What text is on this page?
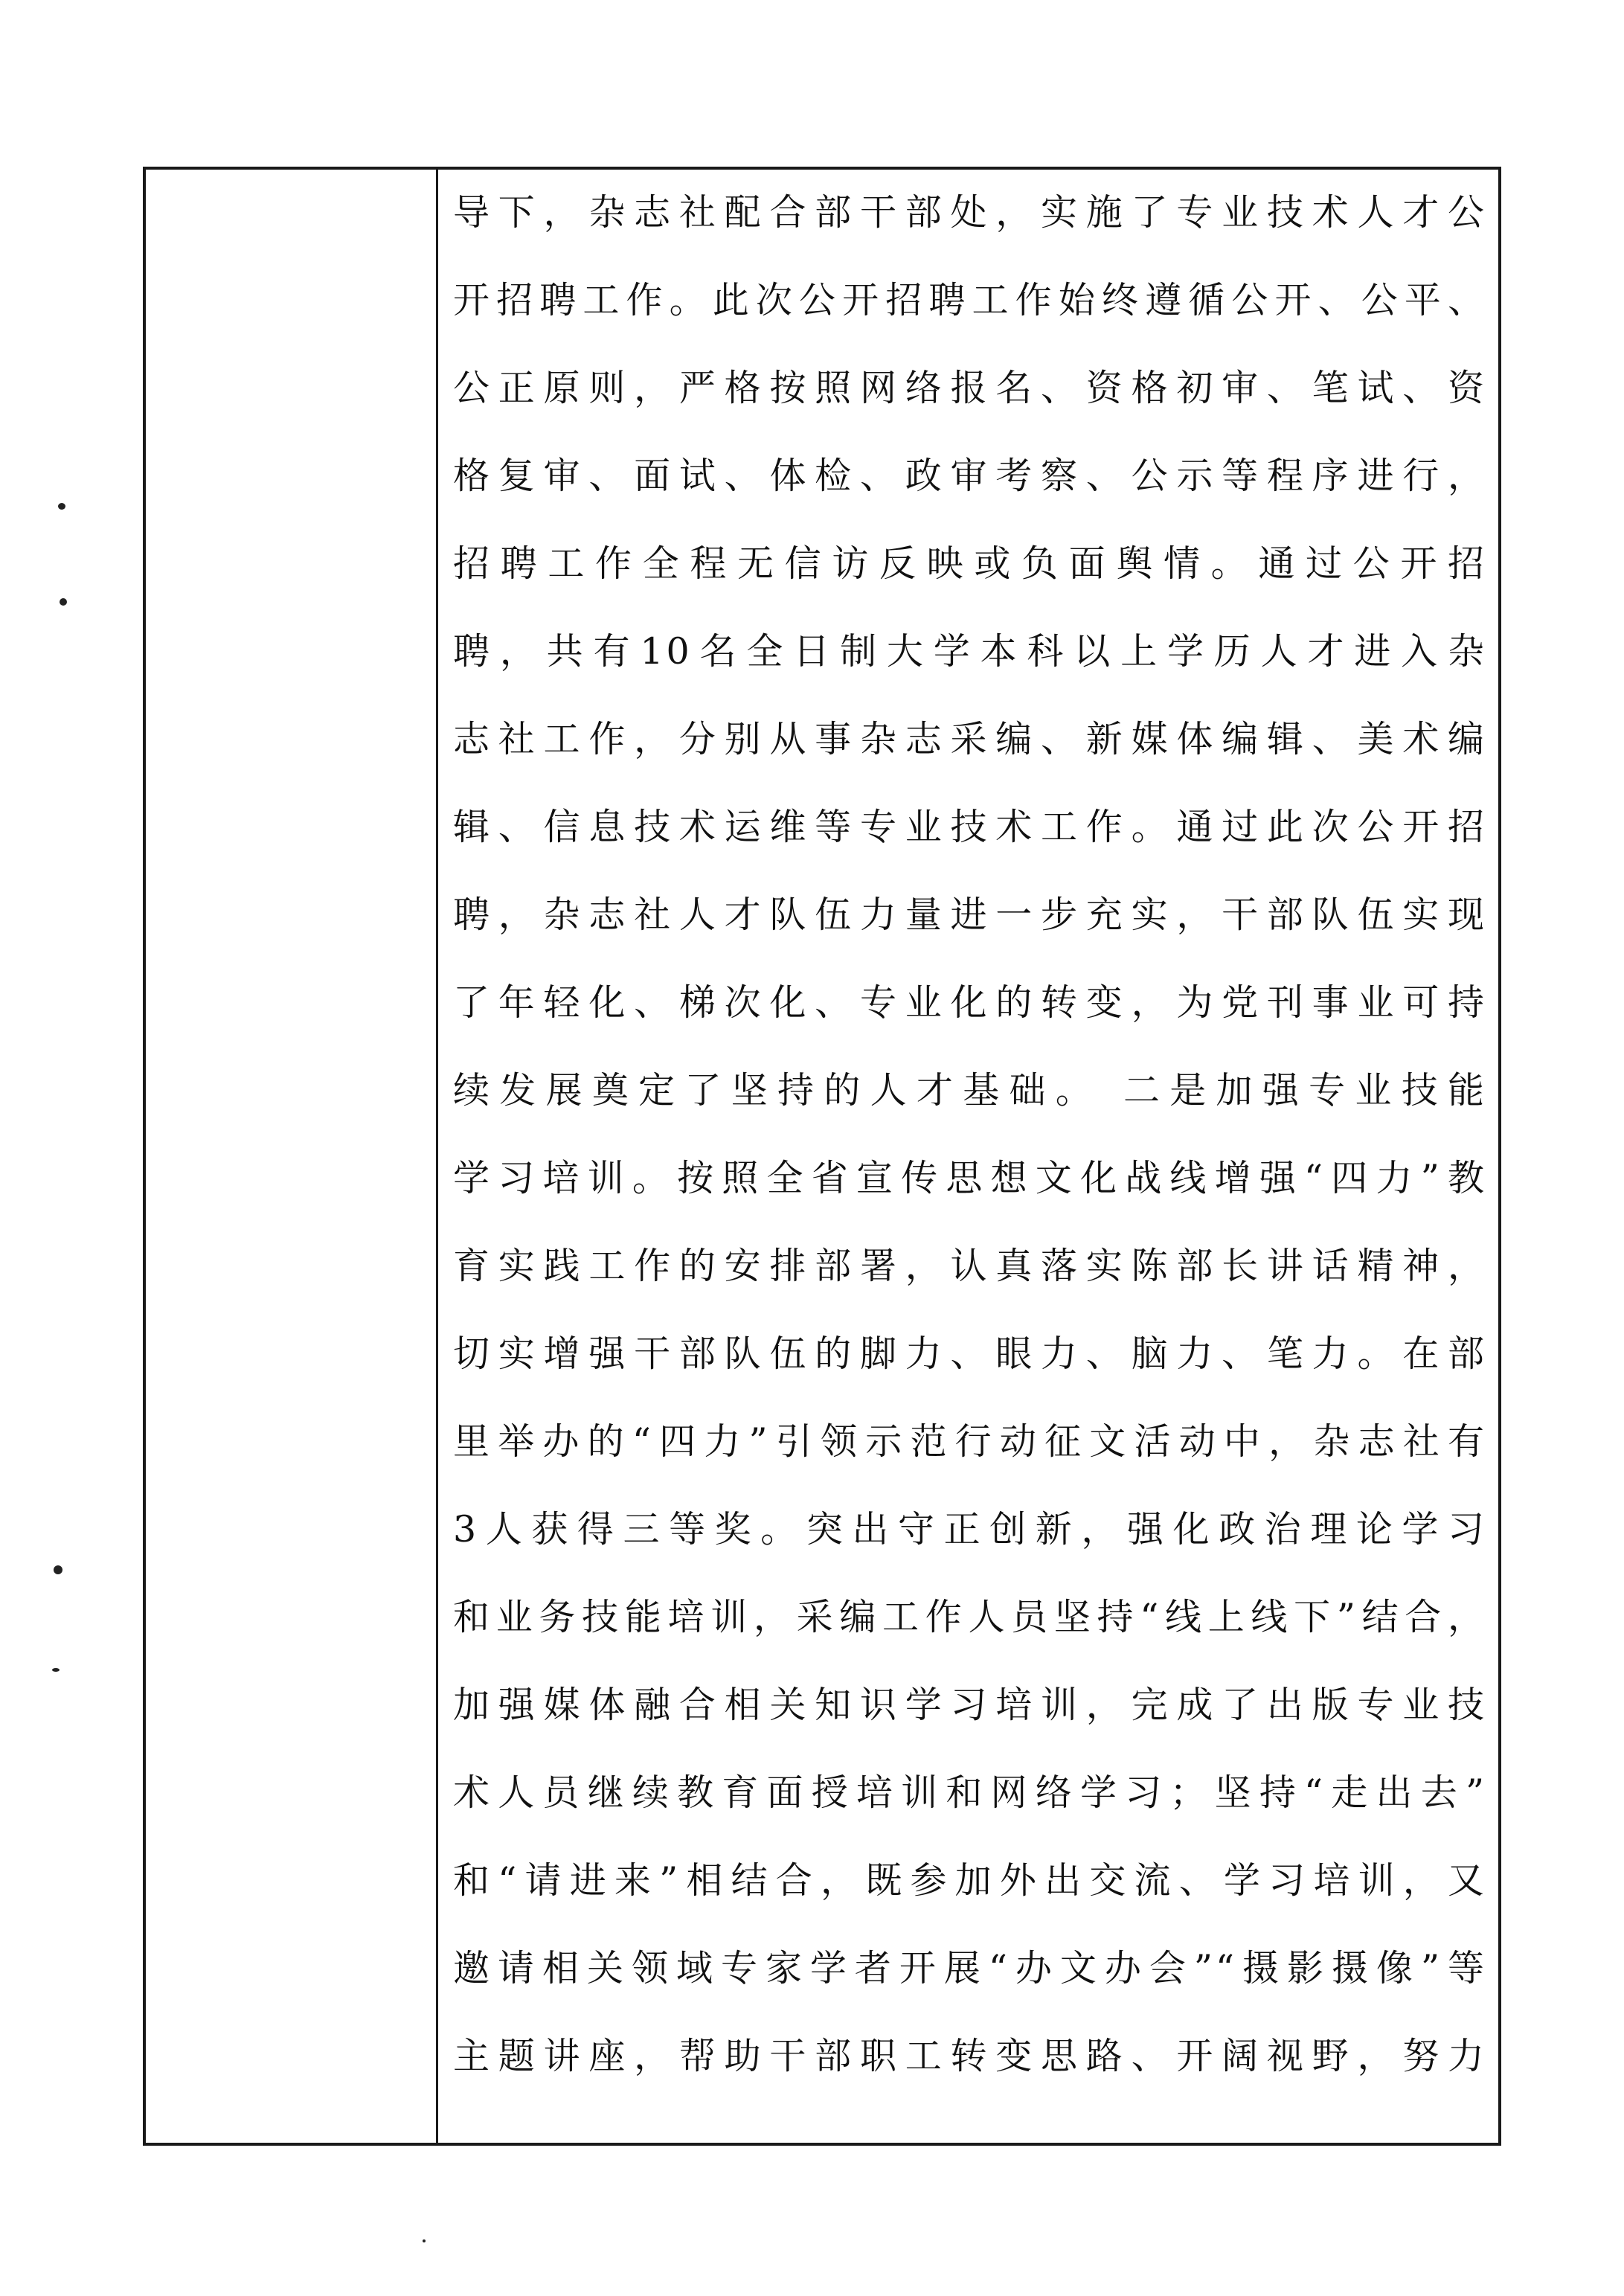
导下，杂志社配合部干部处，实施了专业技术人才公
开招聘工作。此次公开招聘工作始终遵循公开、公平、
公正原则，严格按照网络报名、资格初审、笔试、资
格复审、面试、体检、政审考察、公示等程序进行，
招聘工作全程无信访反映或负面舆情。通过公开招
聘，共有10名全日制大学本科以上学历人才进入杂
志社工作，分别从事杂志采编、新媒体编辑、美术编
辑、信息技术运维等专业技术工作。通过此次公开招
聘，杂志社人才队伍力量进一步充实，干部队伍实现
了年轻化、梯次化、专业化的转变，为党刊事业可持
续发展奠定了坚持的人才基础。 二是加强专业技能
学习培训。按照全省宣传思想文化战线增强“四力”教
育实践工作的安排部署，认真落实陈部长讲话精神，
切实增强干部队伍的脚力、眼力、脑力、笔力。在部
里举办的“四力”引领示范行动征文活动中，杂志社有
3人获得三等奖。突出守正创新，强化政治理论学习
和业务技能培训，采编工作人员坚持“线上线下”结合，
加强媒体融合相关知识学习培训，完成了出版专业技
术人员继续教育面授培训和网络学习；坚持“走出去”
和“请进来”相结合，既参加外出交流、学习培训，又
邀请相关领域专家学者开展“办文办会”“摄影摄像”等
主题讲座，帮助干部职工转变思路、开阔视野，努力
